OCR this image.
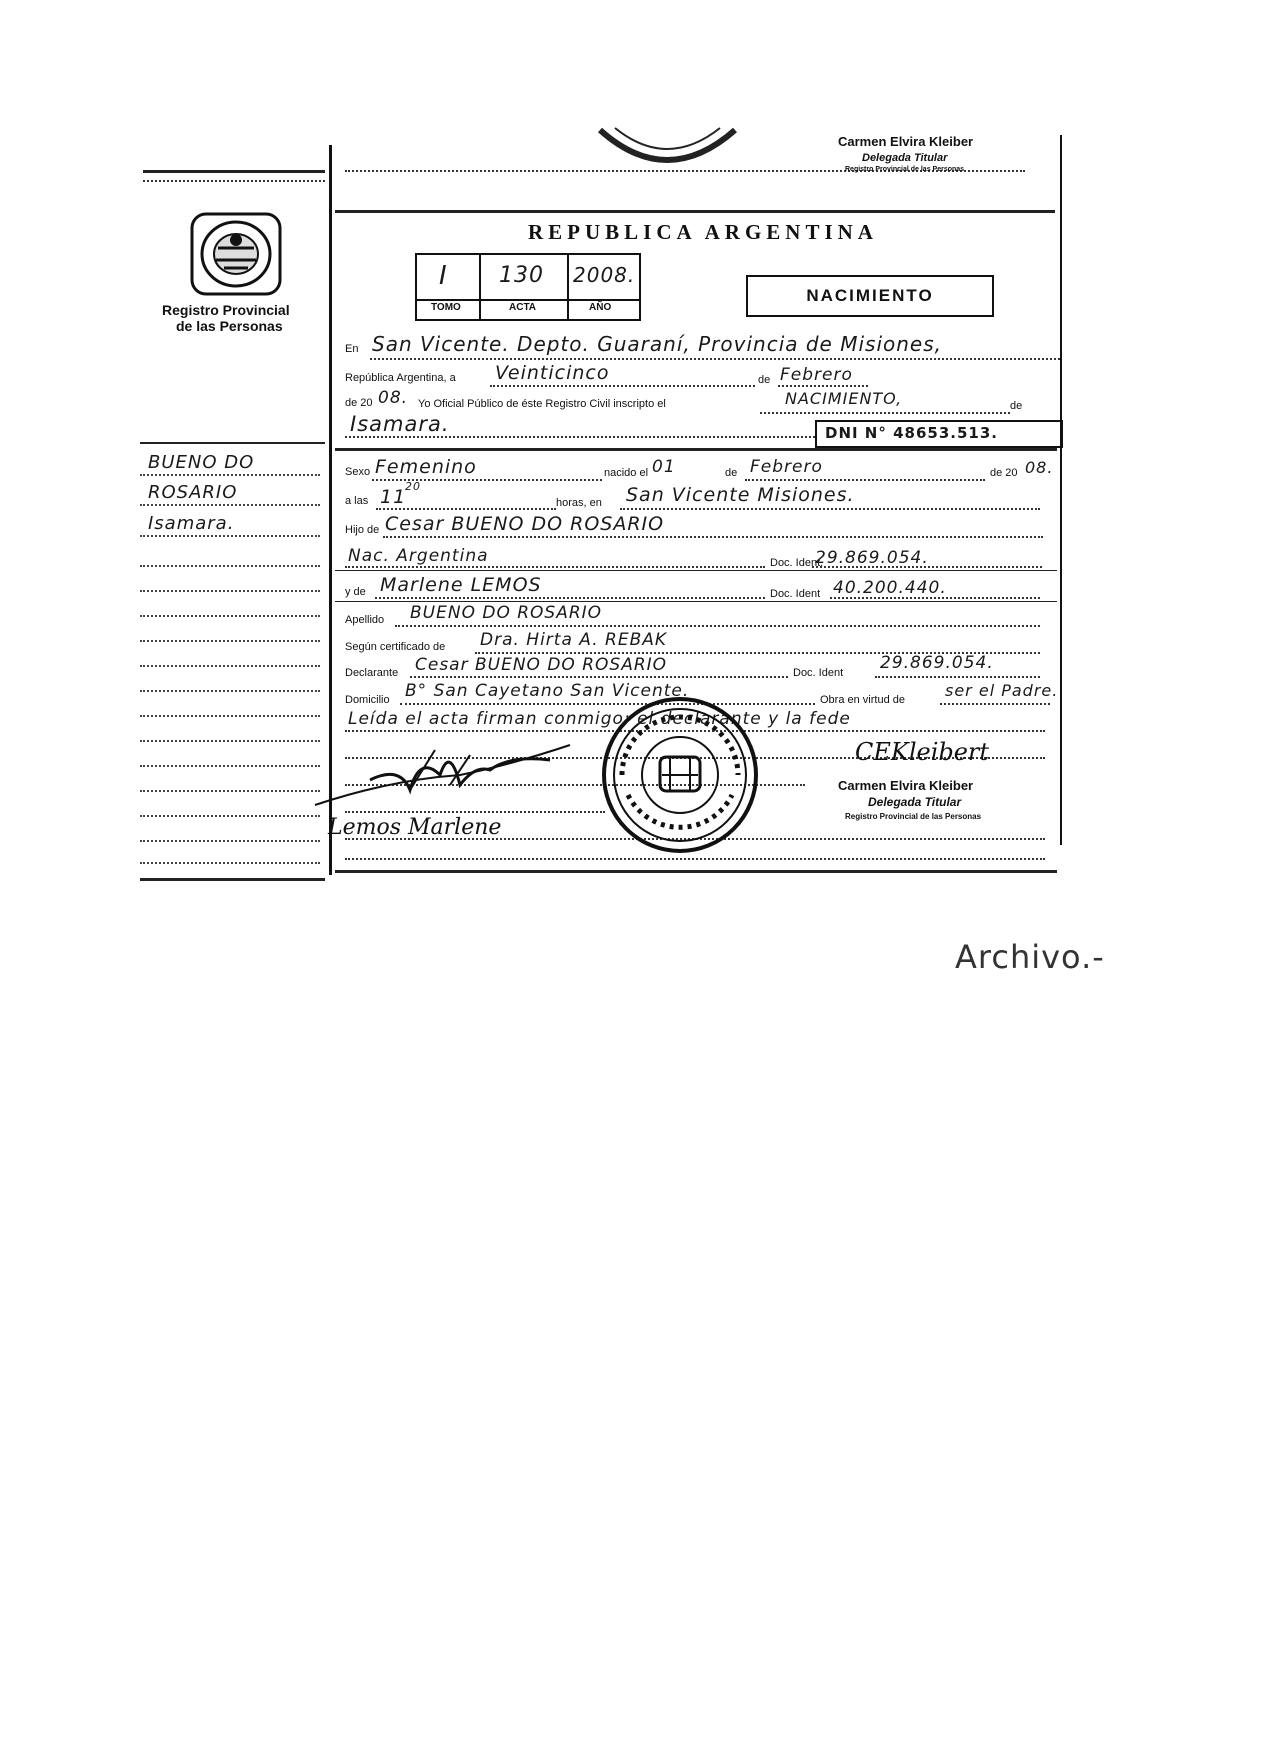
Carmen Elvira Kleiber
Delegada Titular
Registro Provincial de las Personas
Registro Provincial
de las Personas
BUENO DO
ROSARIO
Isamara.
REPUBLICA ARGENTINA
I 130 2008.
TOMO	ACTA	AÑO
NACIMIENTO
En San Vicente. Depto. Guaraní, Provincia de Misiones,
República Argentina, a Veinticinco	de Febrero
de 20 08. Yo Oficial Público de éste Registro Civil inscripto el	NACIMIENTO,	de
Isamara.	DNI N° 48653.513.
Sexo Femenino	nacido el 01	de Febrero	de 20 08.
a las 11
20
horas, en San Vicente Misiones.
Hijo de Cesar BUENO DO ROSARIO
Nac. Argentina	Doc. Ident.
29.869.054.
y de Marlene LEMOS	Doc. Ident 40.200.440.
Apellido BUENO DO ROSARIO
Según certificado de Dra. Hirta A. REBAK
Declarante Cesar BUENO DO ROSARIO	Doc. Ident 29.869.054.
Domicilio B° San Cayetano San Vicente.	Obra en virtud de	ser el Padre.
Leída el acta firman conmigo: el declarante y la fede
CEKleibert
Carmen Elvira Kleiber
Delegada Titular
Registro Provincial de las Personas
Lemos Marlene
Archivo.-
